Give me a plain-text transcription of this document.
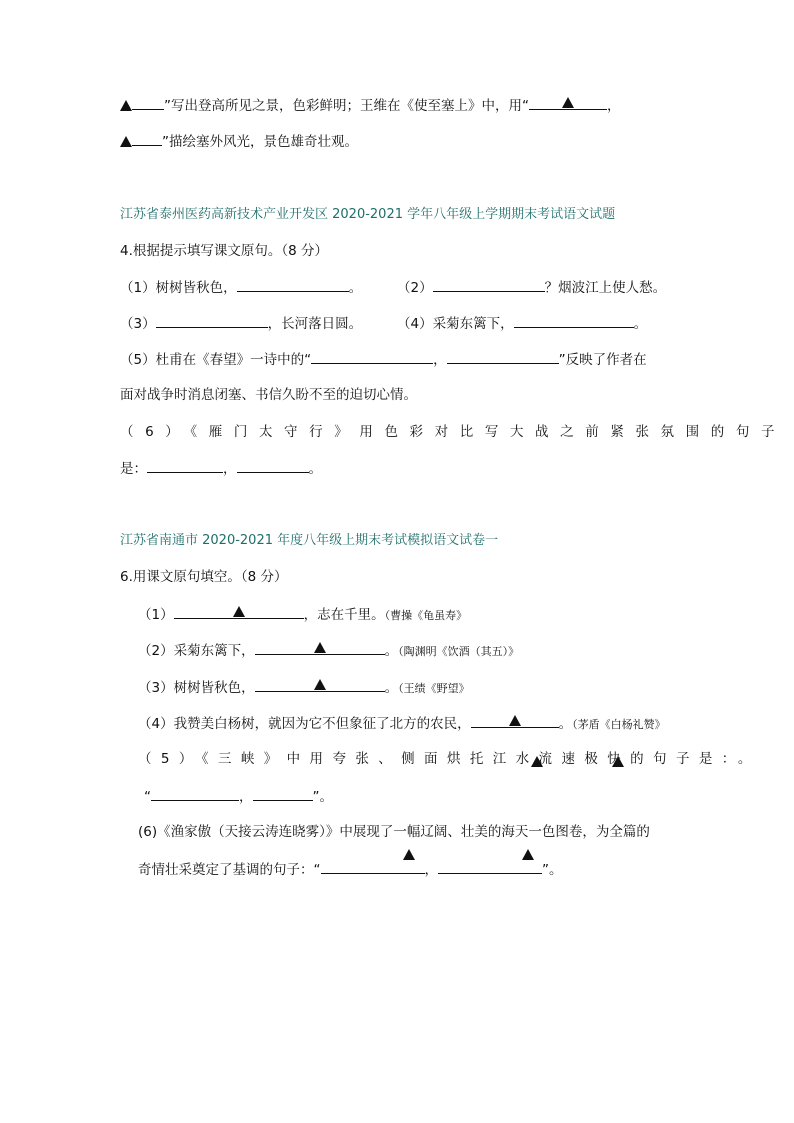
”写出登高所见之景，色彩鲜明；王维在《使至塞上》中，用“	，
”描绘塞外风光，景色雄奇壮观。
江苏省泰州医药高新技术产业开发区 2020-2021 学年八年级上学期期末考试语文试题
4.根据提示填写课文原句。（8 分）
（1）树树皆秋色，	。	（2）	？烟波江上使人愁。
（3）	，长河落日圆。	（4）采菊东篱下，	。
（5）杜甫在《春望》一诗中的“	，	”反映了作者在
面对战争时消息闭塞、书信久盼不至的迫切心情。
（6）《雁门太守行》用色彩对比写大战之前紧张氛围的句子
是：	，	。
江苏省南通市 2020-2021 年度八年级上期末考试模拟语文试卷一
6.用课文原句填空。（8 分）
（1）	，志在千里。（曹操《龟虽寿》
（2）采菊东篱下，	。（陶渊明《饮酒（其五）》
（3）树树皆秋色，	。（王绩《野望》
（4）我赞美白杨树，就因为它不但象征了北方的农民，	。（茅盾《白杨礼赞》
（5）《三峡》中用夸张、侧面烘托江水流速极快的句子是：。
“	，	”。
(6)《渔家傲（天接云涛连晓雾）》中展现了一幅辽阔、壮美的海天一色图卷，为全篇的
奇情壮采奠定了基调的句子：“	，	”。
